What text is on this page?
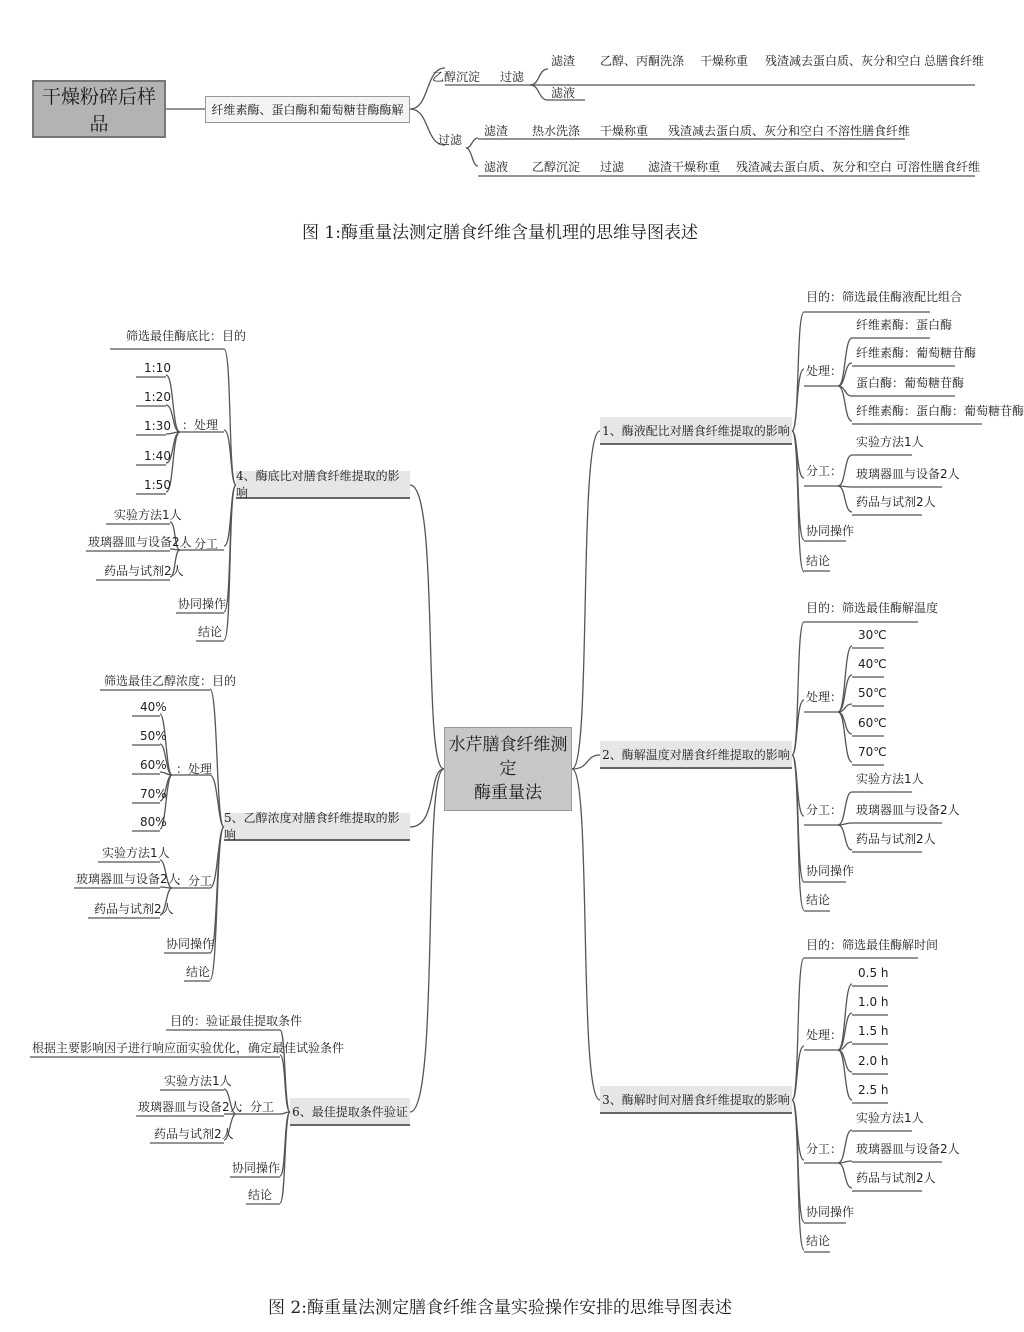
干燥粉碎后样品
纤维素酶、蛋白酶和葡萄糖苷酶酶解
乙醇沉淀 过滤
滤渣 乙醇、丙酮洗涤 干燥称重 残渣减去蛋白质、灰分和空白 总膳食纤维
滤液
过滤
滤渣 热水洗涤 干燥称重 残渣减去蛋白质、灰分和空白 不溶性膳食纤维
滤液 乙醇沉淀 过滤 滤渣干燥称重 残渣减去蛋白质、灰分和空白 可溶性膳食纤维
图 1:酶重量法测定膳食纤维含量机理的思维导图表述
水芹膳食纤维测定
酶重量法
1、酶液配比对膳食纤维提取的影响
2、酶解温度对膳食纤维提取的影响
3、酶解时间对膳食纤维提取的影响
4、酶底比对膳食纤维提取的影响
5、乙醇浓度对膳食纤维提取的影响
6、最佳提取条件验证
目的：筛选最佳酶液配比组合
处理：
纤维素酶：蛋白酶
纤维素酶：葡萄糖苷酶
蛋白酶：葡萄糖苷酶
纤维素酶：蛋白酶：葡萄糖苷酶
分工：
实验方法1人
玻璃器皿与设备2人
药品与试剂2人
协同操作
结论
目的：筛选最佳酶解温度
处理：
30℃
40℃
50℃
60℃
70℃
分工：
实验方法1人
玻璃器皿与设备2人
药品与试剂2人
协同操作
结论
目的：筛选最佳酶解时间
处理：
0.5 h
1.0 h
1.5 h
2.0 h
2.5 h
分工：
实验方法1人
玻璃器皿与设备2人
药品与试剂2人
协同操作
结论
筛选最佳酶底比：目的
：处理
1:10
1:20
1:30
1:40
1:50
：分工
实验方法1人
玻璃器皿与设备2人
药品与试剂2人
协同操作
结论
筛选最佳乙醇浓度：目的
：处理
40%
50%
60%
70%
80%
：分工
实验方法1人
玻璃器皿与设备2人
药品与试剂2人
协同操作
结论
目的：验证最佳提取条件
根据主要影响因子进行响应面实验优化，确定最佳试验条件
：分工
实验方法1人
玻璃器皿与设备2人
药品与试剂2人
协同操作
结论
图 2:酶重量法测定膳食纤维含量实验操作安排的思维导图表述
